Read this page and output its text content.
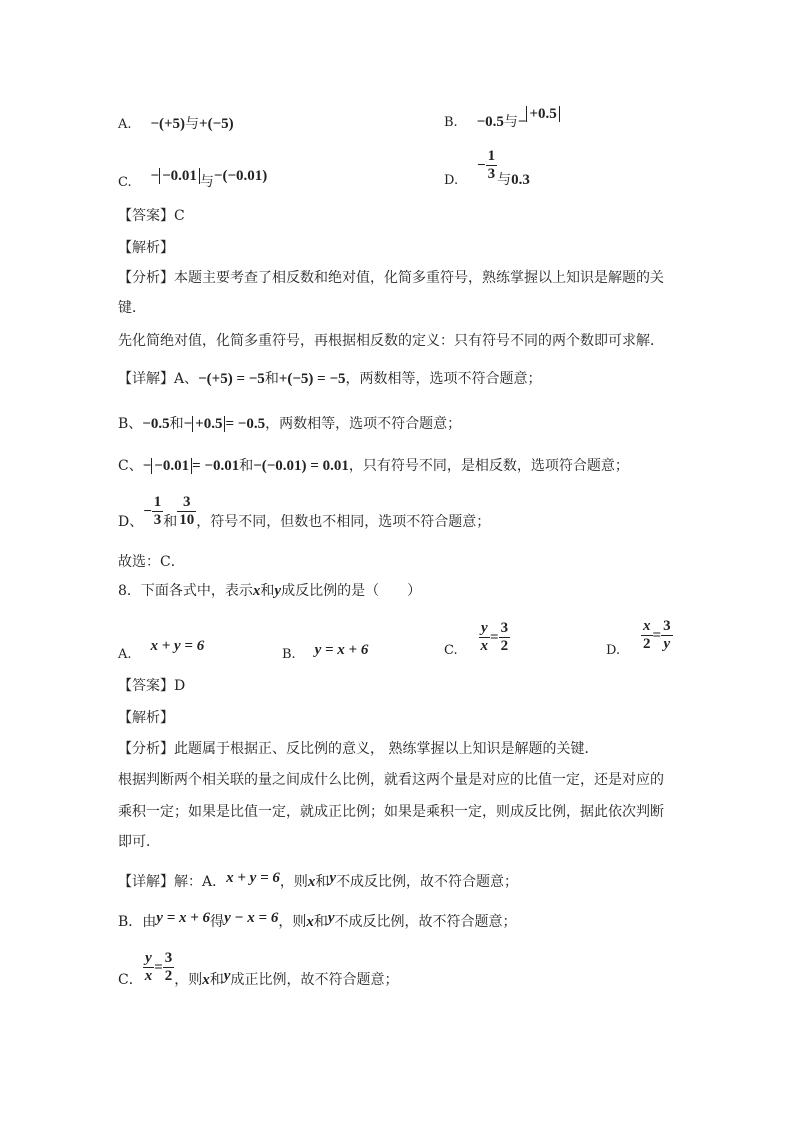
A. −(+5)与+(−5)	B. −0.5与− +0.5
C. − −0.01 与−(−0.01)	D.  − $\frac{1}{3}$ 与0.3
【答案】C
【解析】
【分析】本题主要考查了相反数和绝对值，化简多重符号，熟练掌握以上知识是解题的关
键．
先化简绝对值，化简多重符号，再根据相反数的定义：只有符号不同的两个数即可求解．
【详解】A、−(+5) = −5和+(−5) = −5，两数相等，选项不符合题意；
B、−0.5和− +0.5 = −0.5，两数相等，选项不符合题意；
C、− −0.01 = −0.01和−(−0.01) = 0.01，只有符号不同，是相反数，选项符合题意；
D、− $\frac{1}{3}$ 和 $\frac{3}{10}$ ，符号不同，但数也不相同，选项不符合题意；
故选：C．
8．下面各式中，表示x和y成反比例的是（　　）
A.  x + y = 6
B. y = x + 6	C. $\frac{y}{x} = \frac{3}{2}$	D. $\frac{x}{2} = \frac{3}{y}$
【答案】D
【解析】
【分析】此题属于根据正、反比例的意义， 熟练掌握以上知识是解题的关键．
根据判断两个相关联的量之间成什么比例，就看这两个量是对应的比值一定，还是对应的
乘积一定；如果是比值一定，就成正比例；如果是乘积一定，则成反比例，据此依次判断
即可．
【详解】解：A．x + y = 6，则x和y不成反比例，故不符合题意；
B．由y = x + 6得y − x = 6，则x和y不成反比例，故不符合题意；
C． $\frac{y}{x} = \frac{3}{2}$ ，则x和y成正比例，故不符合题意；
